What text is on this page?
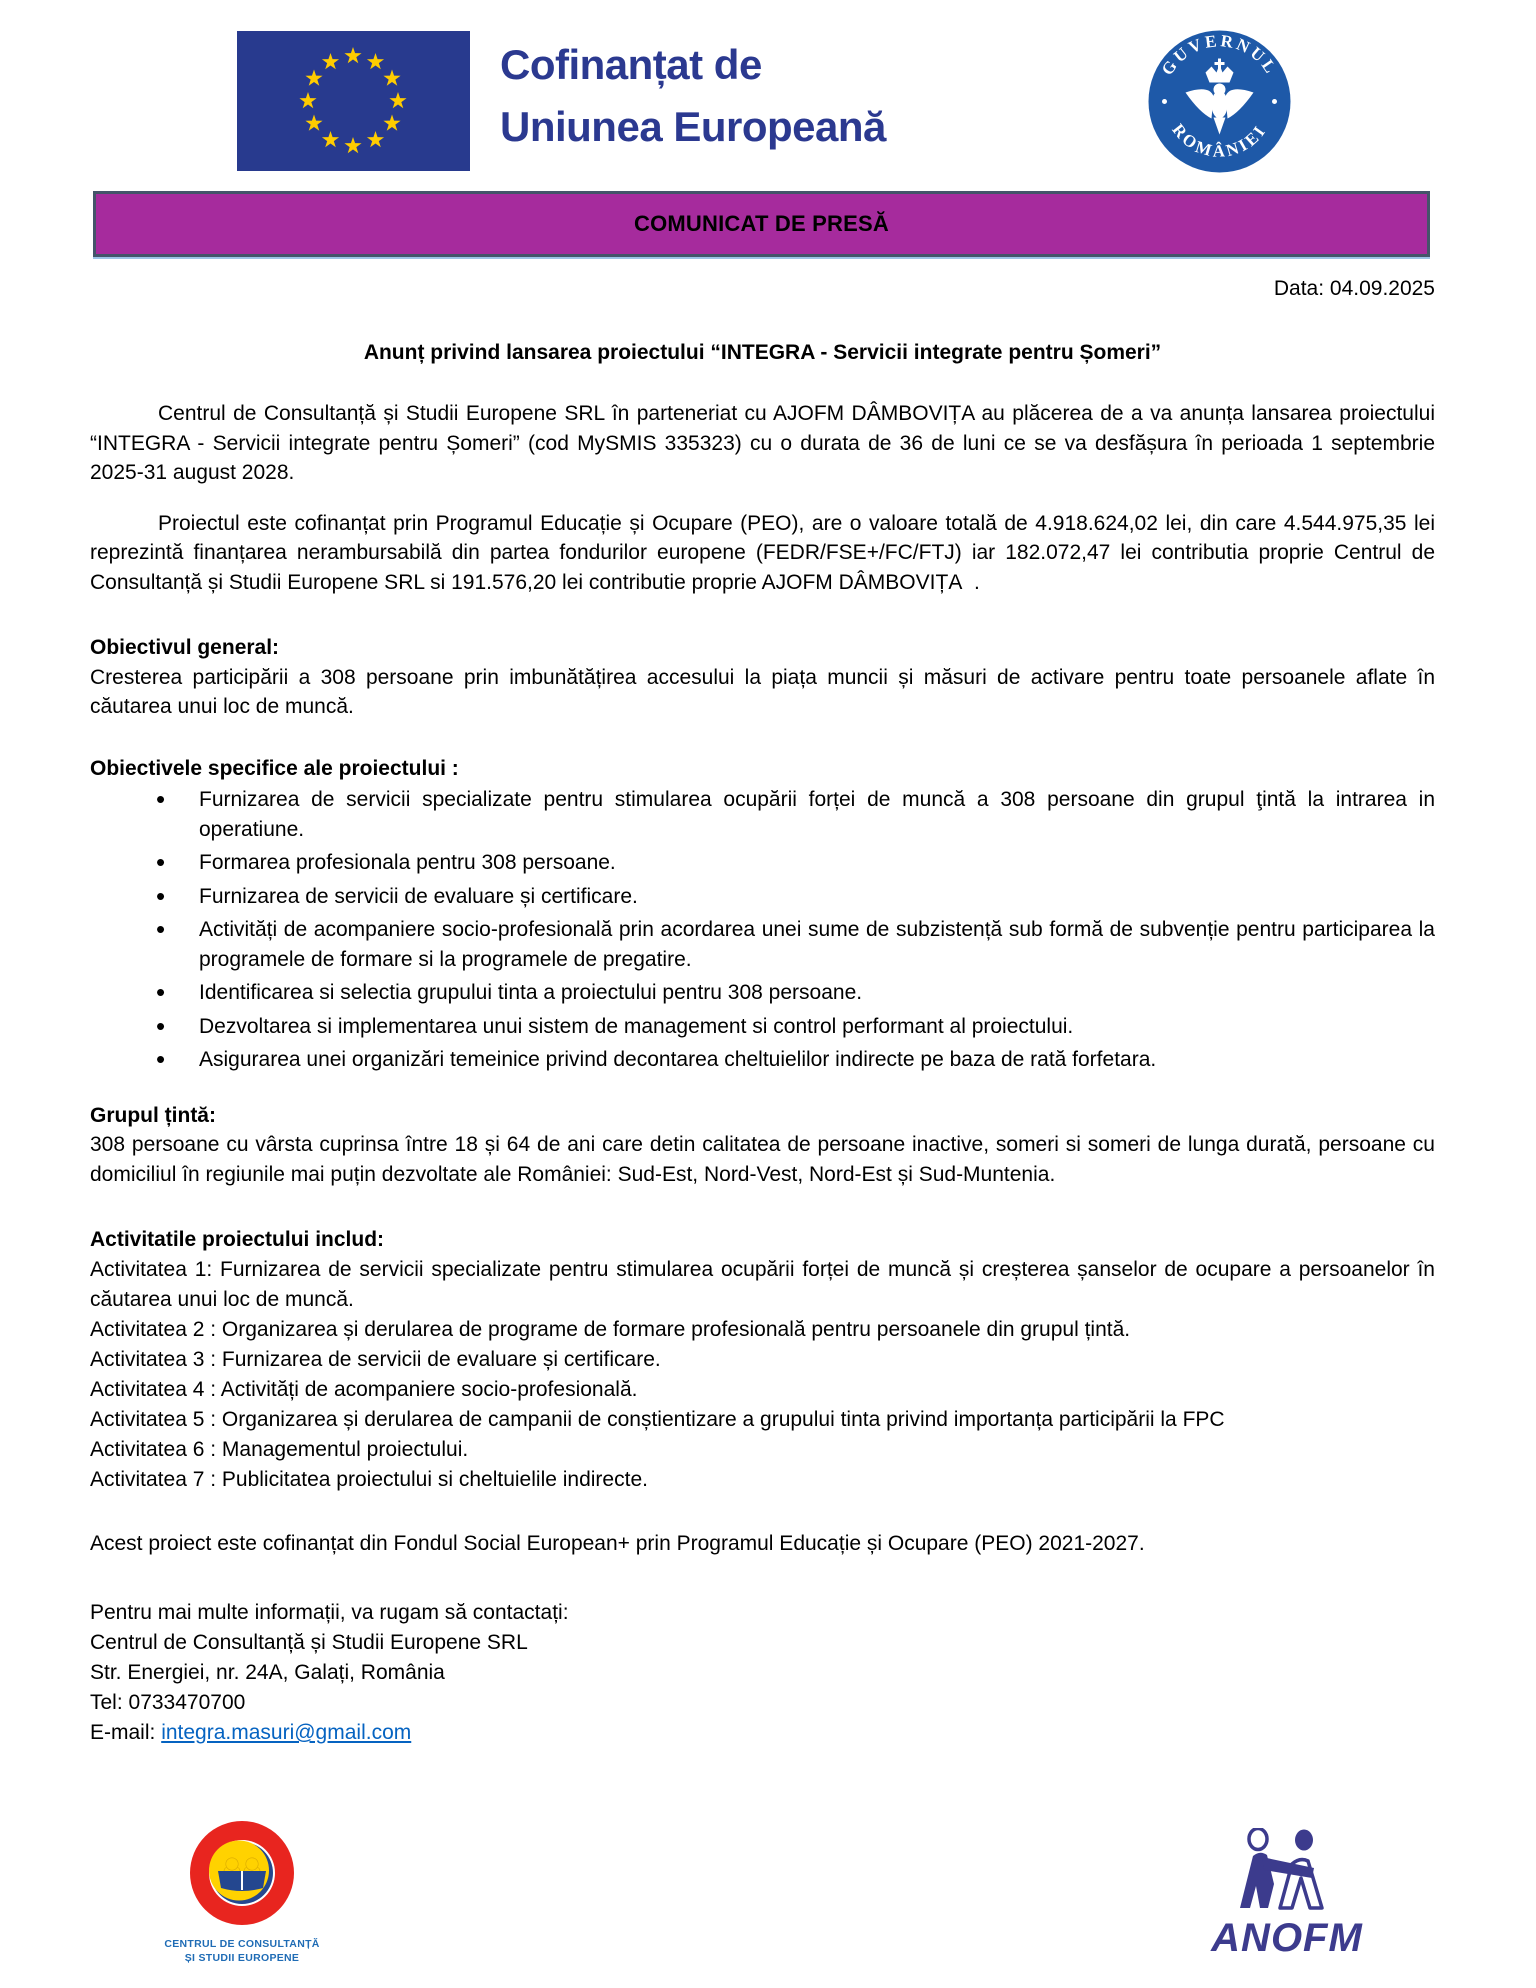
Cofinanțat de
Uniunea Europeană
GUVERNUL
ROMÂNIEI
COMUNICAT DE PRESĂ
Data: 04.09.2025
Anunț privind lansarea proiectului “INTEGRA - Servicii integrate pentru Șomeri”

Centrul de Consultanță și Studii Europene SRL în parteneriat cu AJOFM DÂMBOVIȚA au plăcerea de a va anunța lansarea proiectului “INTEGRA - Servicii integrate pentru Șomeri” (cod MySMIS 335323) cu o durata de 36 de luni ce se va desfășura în perioada 1 septembrie 2025-31 august 2028.

Proiectul este cofinanțat prin Programul Educație și Ocupare (PEO), are o valoare totală de 4.918.624,02 lei, din care 4.544.975,35 lei reprezintă finanțarea nerambursabilă din partea fondurilor europene (FEDR/FSE+/FC/FTJ) iar 182.072,47 lei contributia proprie Centrul de Consultanță și Studii Europene SRL si 191.576,20 lei contributie proprie AJOFM DÂMBOVIȚA  .

Obiectivul general:
Cresterea participării a 308 persoane prin imbunătățirea accesului la piața muncii și măsuri de activare pentru toate persoanele aflate în căutarea unui loc de muncă.
Obiectivele specifice ale proiectului :
• Furnizarea de servicii specializate pentru stimularea ocupării forței de muncă a 308 persoane din grupul ţintă la intrarea in operatiune.
• Formarea profesionala pentru 308 persoane.
• Furnizarea de servicii de evaluare și certificare.
• Activități de acompaniere socio-profesională prin acordarea unei sume de subzistență sub formă de subvenție pentru participarea la programele de formare si la programele de pregatire.
• Identificarea si selectia grupului tinta a proiectului pentru 308 persoane.
• Dezvoltarea si implementarea unui sistem de management si control performant al proiectului.
• Asigurarea unei organizări temeinice privind decontarea cheltuielilor indirecte pe baza de rată forfetara.
Grupul țintă:
308 persoane cu vârsta cuprinsa între 18 și 64 de ani care detin calitatea de persoane inactive, someri si someri de lunga durată, persoane cu domiciliul în regiunile mai puțin dezvoltate ale României: Sud-Est, Nord-Vest, Nord-Est și Sud-Muntenia.
Activitatile proiectului includ:
Activitatea 1: Furnizarea de servicii specializate pentru stimularea ocupării forței de muncă și creșterea șanselor de ocupare a persoanelor în căutarea unui loc de muncă.
Activitatea 2 : Organizarea și derularea de programe de formare profesională pentru persoanele din grupul țintă.
Activitatea 3 : Furnizarea de servicii de evaluare și certificare.
Activitatea 4 : Activități de acompaniere socio-profesională.
Activitatea 5 : Organizarea și derularea de campanii de conștientizare a grupului tinta privind importanța participării la FPC
Activitatea 6 : Managementul proiectului.
Activitatea 7 : Publicitatea proiectului si cheltuielile indirecte.
Acest proiect este cofinanțat din Fondul Social European+ prin Programul Educație și Ocupare (PEO) 2021-2027.
Pentru mai multe informații, va rugam să contactați:
Centrul de Consultanță și Studii Europene SRL
Str. Energiei, nr. 24A, Galați, România
Tel: 0733470700
E-mail: integra.masuri@gmail.com
CENTRUL DE CONSULTANȚĂ
ȘI STUDII EUROPENE	ANOFM
